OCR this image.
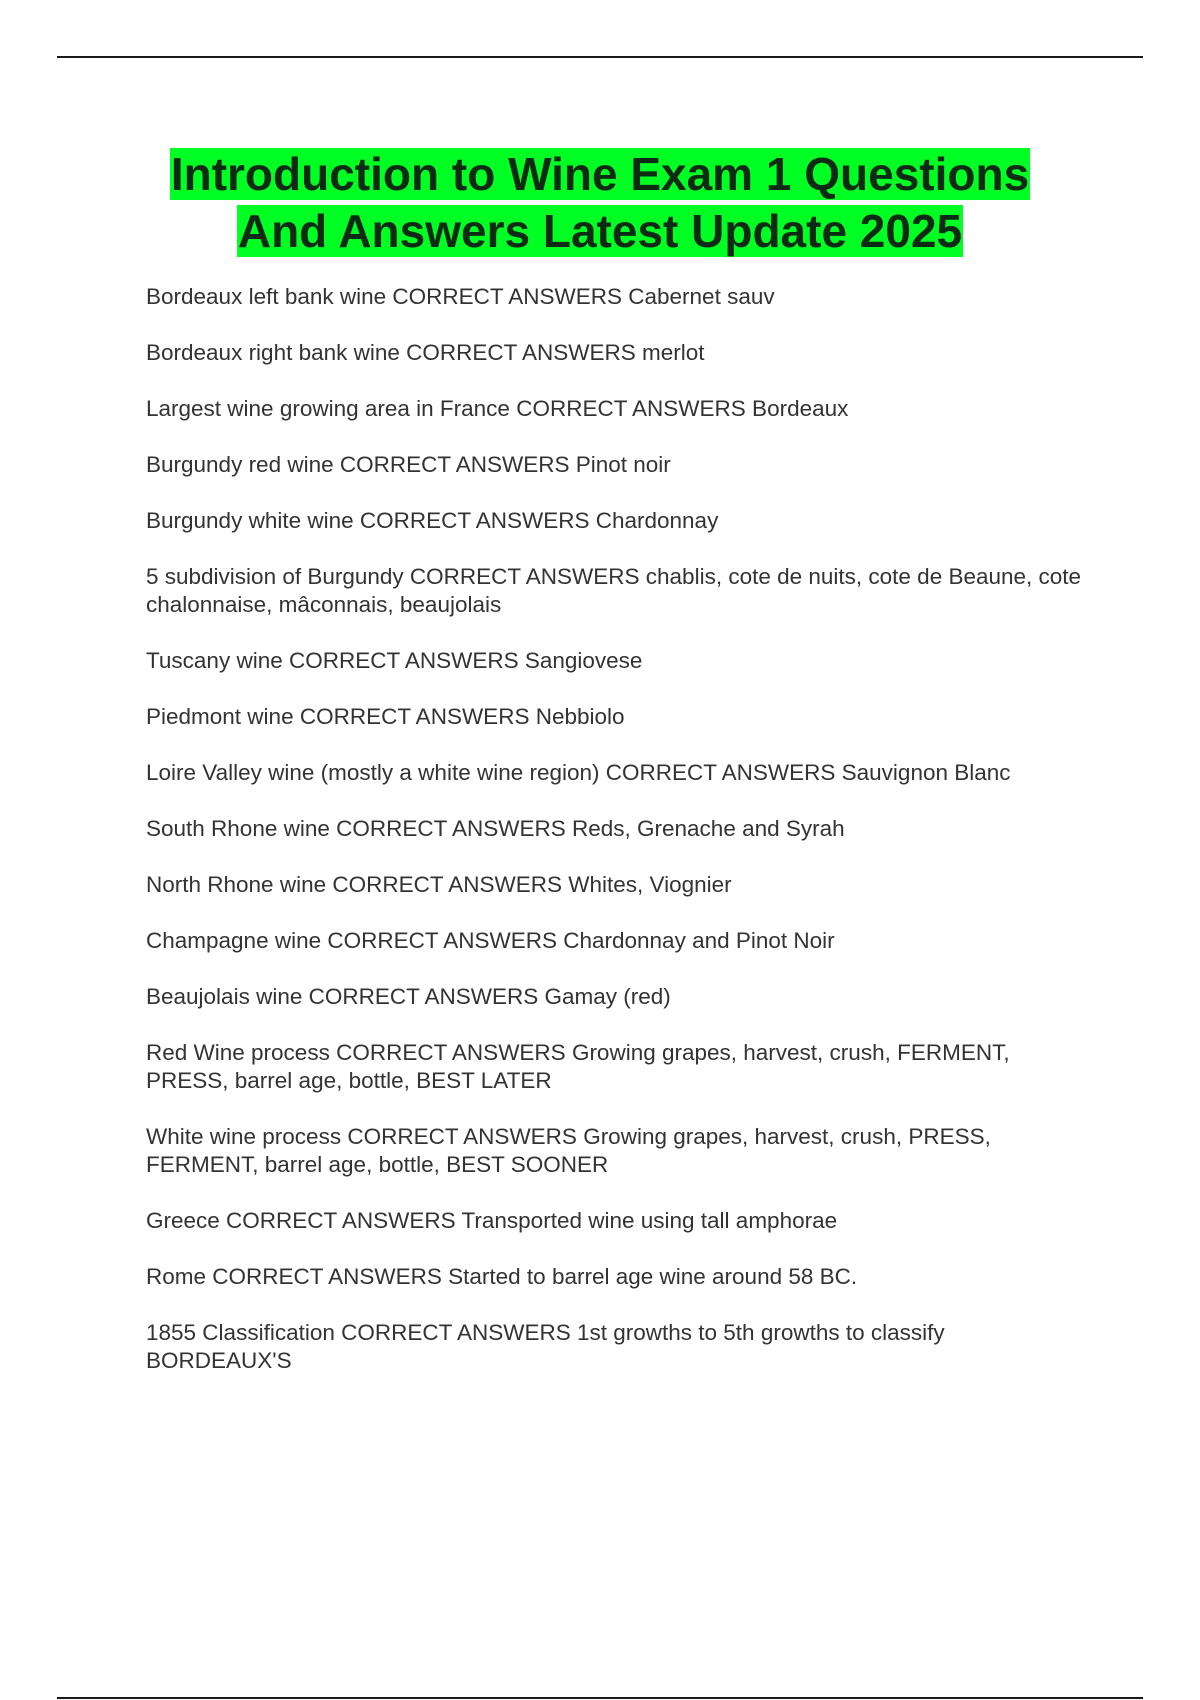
Introduction to Wine Exam 1 Questions
And Answers Latest Update 2025
Bordeaux left bank wine CORRECT ANSWERS Cabernet sauv
Bordeaux right bank wine CORRECT ANSWERS merlot
Largest wine growing area in France CORRECT ANSWERS Bordeaux
Burgundy red wine CORRECT ANSWERS Pinot noir
Burgundy white wine CORRECT ANSWERS Chardonnay
5 subdivision of Burgundy CORRECT ANSWERS chablis, cote de nuits, cote de Beaune, cote chalonnaise, mâconnais, beaujolais
Tuscany wine CORRECT ANSWERS Sangiovese
Piedmont wine CORRECT ANSWERS Nebbiolo
Loire Valley wine (mostly a white wine region) CORRECT ANSWERS Sauvignon Blanc
South Rhone wine CORRECT ANSWERS Reds, Grenache and Syrah
North Rhone wine CORRECT ANSWERS Whites, Viognier
Champagne wine CORRECT ANSWERS Chardonnay and Pinot Noir
Beaujolais wine CORRECT ANSWERS Gamay (red)
Red Wine process CORRECT ANSWERS Growing grapes, harvest, crush, FERMENT, PRESS, barrel age, bottle, BEST LATER
White wine process CORRECT ANSWERS Growing grapes, harvest, crush, PRESS, FERMENT, barrel age, bottle, BEST SOONER
Greece CORRECT ANSWERS Transported wine using tall amphorae
Rome CORRECT ANSWERS Started to barrel age wine around 58 BC.
1855 Classification CORRECT ANSWERS 1st growths to 5th growths to classify BORDEAUX'S
